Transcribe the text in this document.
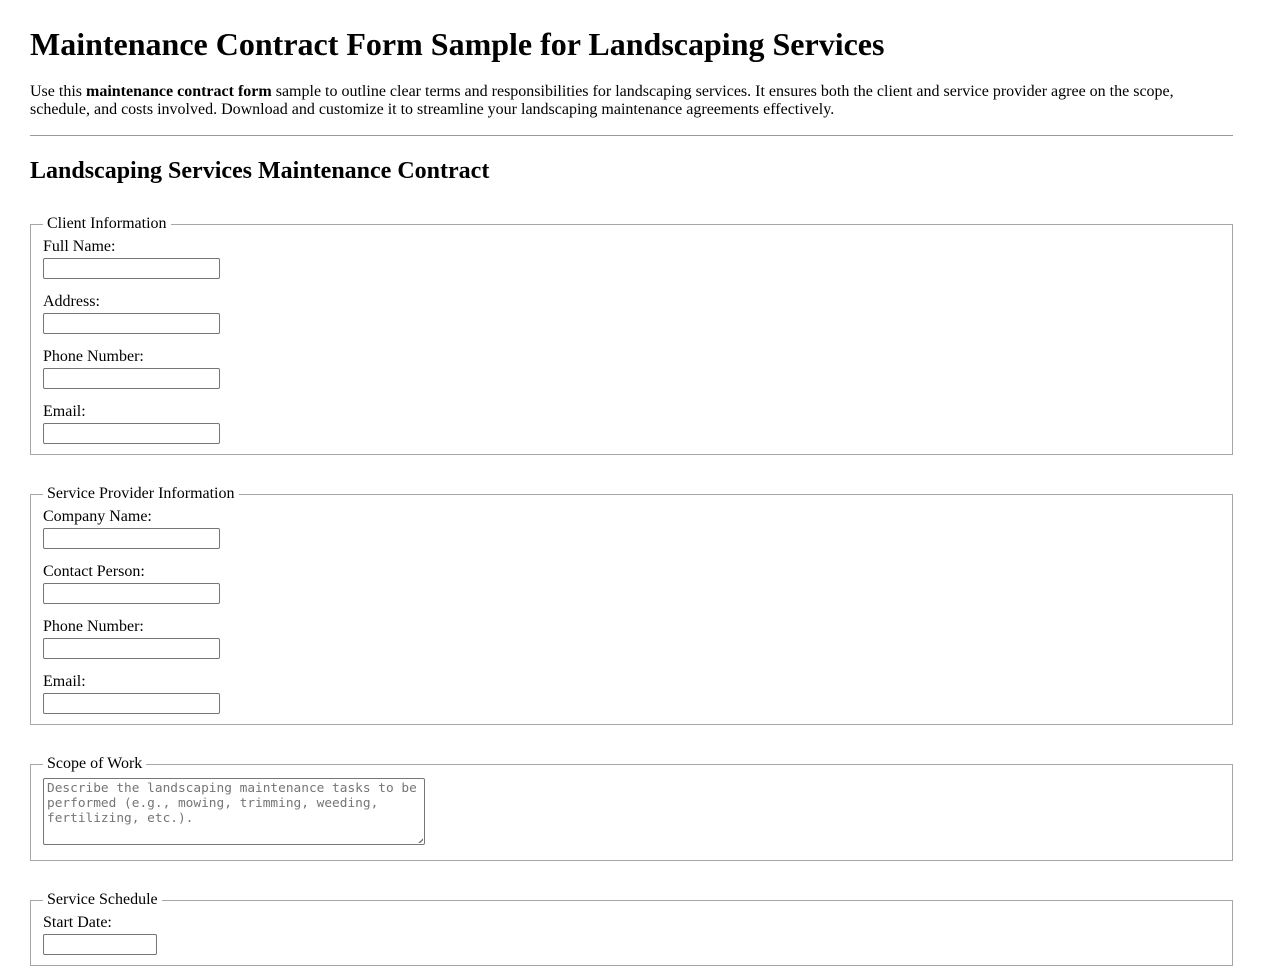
Maintenance Contract Form Sample for Landscaping Services

Use this maintenance contract form sample to outline clear terms and responsibilities for landscaping services. It ensures both the client and service provider agree on the scope, schedule, and costs involved. Download and customize it to streamline your landscaping maintenance agreements effectively.

Landscaping Services Maintenance Contract
Client Information
Full Name:
Address:
Phone Number:
Email:
Service Provider Information
Company Name:
Contact Person:
Phone Number:
Email:
Scope of Work
Describe the landscaping maintenance tasks to be performed (e.g., mowing, trimming, weeding, fertilizing, etc.).
Service Schedule
Start Date:
